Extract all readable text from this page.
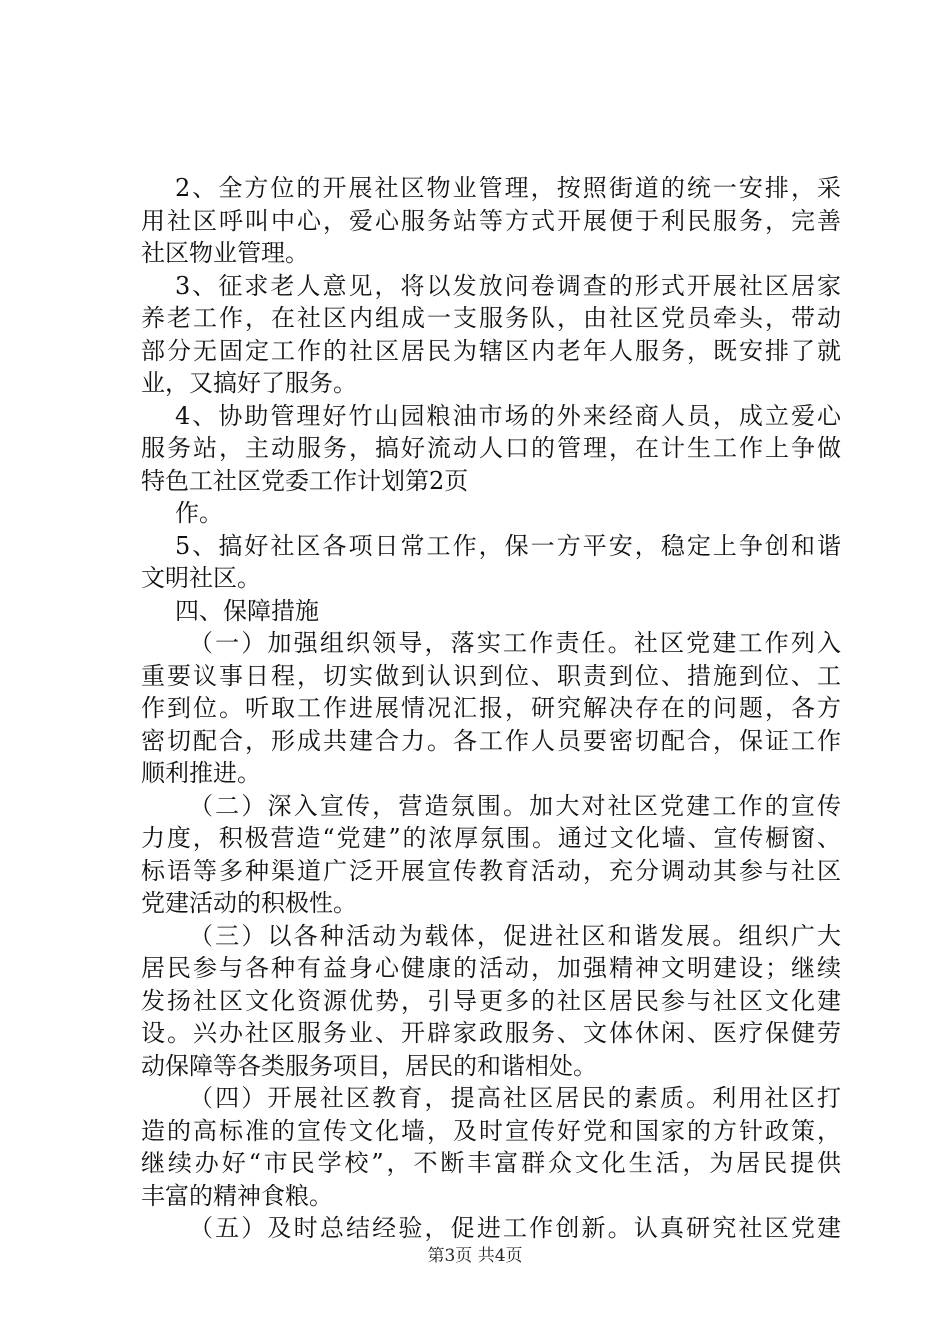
2、全方位的开展社区物业管理，按照街道的统一安排，采
用社区呼叫中心，爱心服务站等方式开展便于利民服务，完善
社区物业管理。
3、征求老人意见，将以发放问卷调查的形式开展社区居家
养老工作，在社区内组成一支服务队，由社区党员牵头，带动
部分无固定工作的社区居民为辖区内老年人服务，既安排了就
业，又搞好了服务。
4、协助管理好竹山园粮油市场的外来经商人员，成立爱心
服务站，主动服务，搞好流动人口的管理，在计生工作上争做
特色工社区党委工作计划第2页
作。
5、搞好社区各项日常工作，保一方平安，稳定上争创和谐
文明社区。
四、保障措施
（一）加强组织领导，落实工作责任。社区党建工作列入
重要议事日程，切实做到认识到位、职责到位、措施到位、工
作到位。听取工作进展情况汇报，研究解决存在的问题，各方
密切配合，形成共建合力。各工作人员要密切配合，保证工作
顺利推进。
（二）深入宣传，营造氛围。加大对社区党建工作的宣传
力度，积极营造“党建”的浓厚氛围。通过文化墙、宣传橱窗、
标语等多种渠道广泛开展宣传教育活动，充分调动其参与社区
党建活动的积极性。
（三）以各种活动为载体，促进社区和谐发展。组织广大
居民参与各种有益身心健康的活动，加强精神文明建设；继续
发扬社区文化资源优势，引导更多的社区居民参与社区文化建
设。兴办社区服务业、开辟家政服务、文体休闲、医疗保健劳
动保障等各类服务项目，居民的和谐相处。
（四）开展社区教育，提高社区居民的素质。利用社区打
造的高标准的宣传文化墙，及时宣传好党和国家的方针政策，
继续办好“市民学校”，不断丰富群众文化生活，为居民提供
丰富的精神食粮。
（五）及时总结经验，促进工作创新。认真研究社区党建
第3页 共4页
